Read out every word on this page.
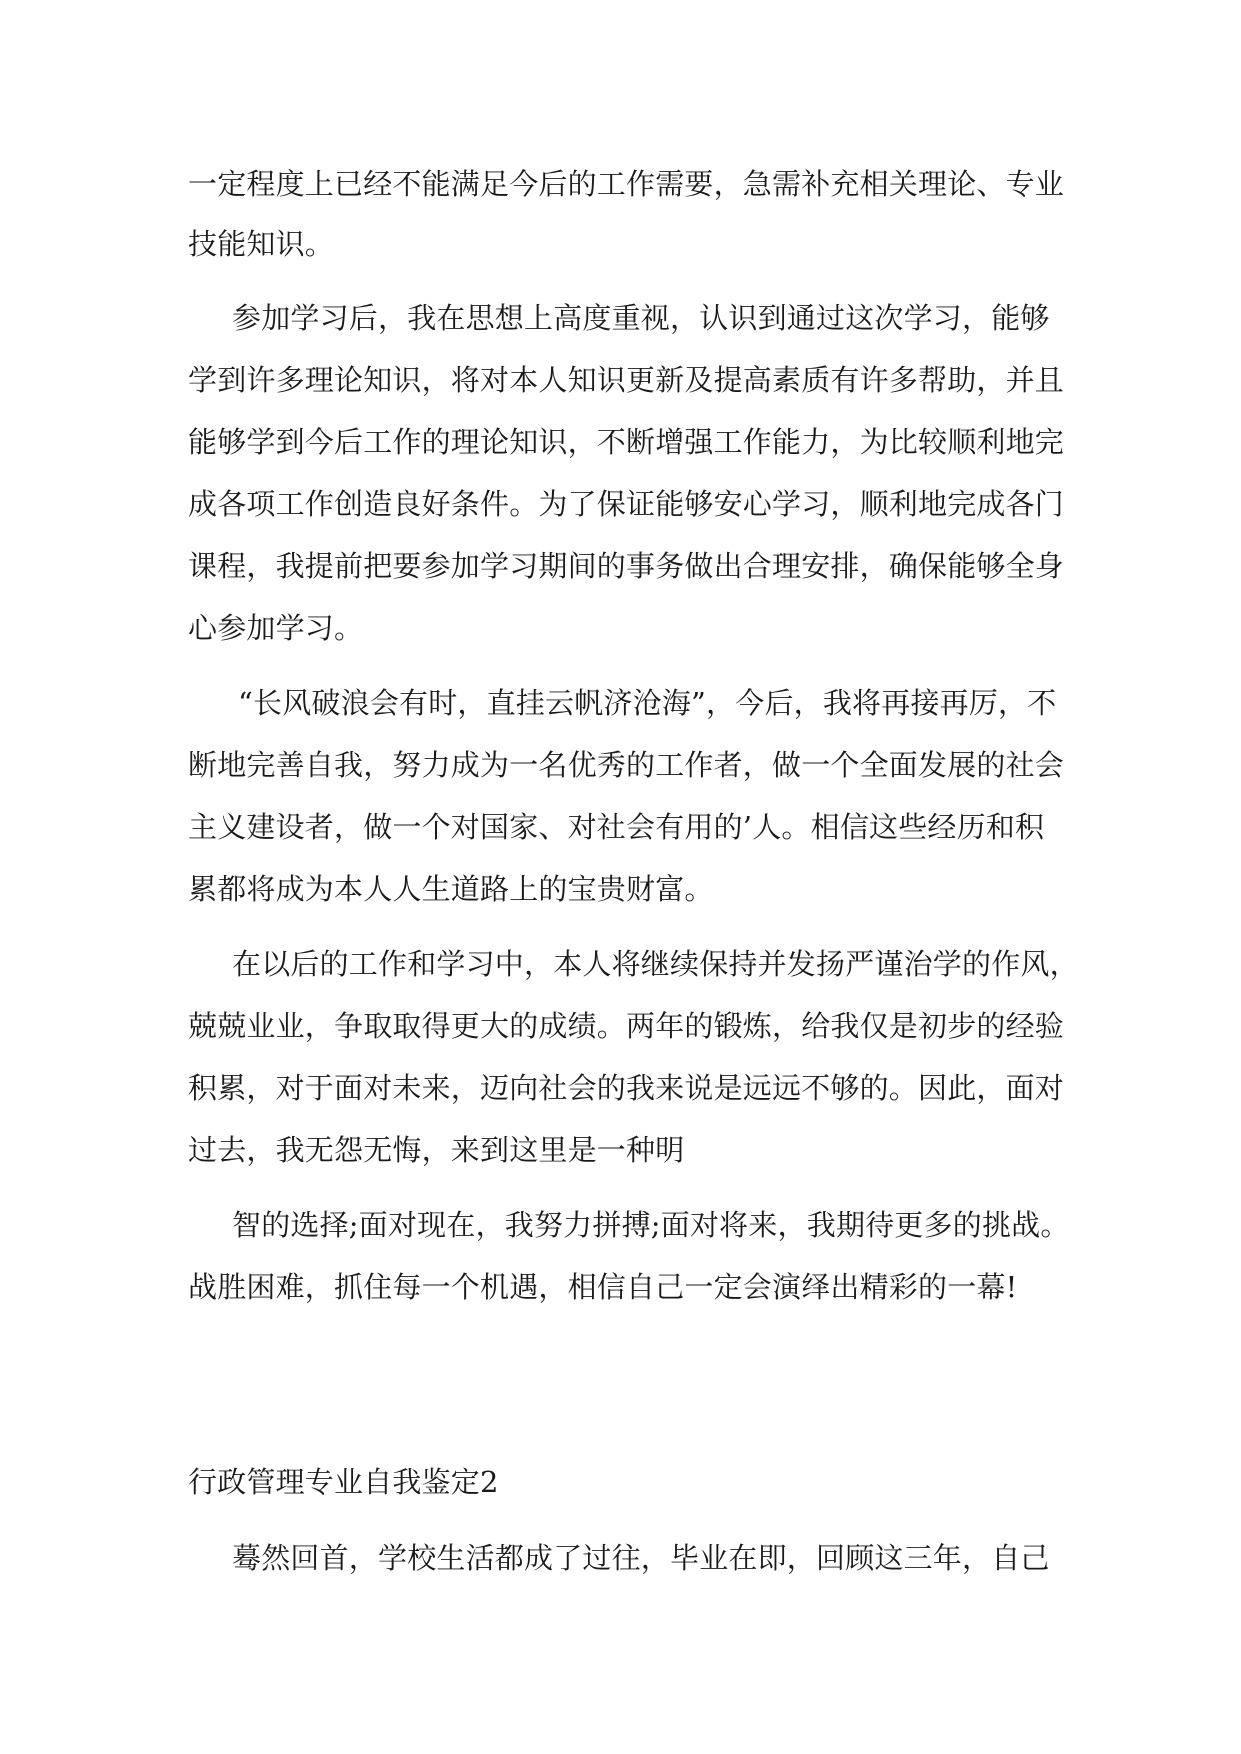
一定程度上已经不能满足今后的工作需要，急需补充相关理论、专业
技能知识。
参加学习后，我在思想上高度重视，认识到通过这次学习，能够
学到许多理论知识，将对本人知识更新及提高素质有许多帮助，并且
能够学到今后工作的理论知识，不断增强工作能力，为比较顺利地完
成各项工作创造良好条件。为了保证能够安心学习，顺利地完成各门
课程，我提前把要参加学习期间的事务做出合理安排，确保能够全身
心参加学习。
“长风破浪会有时，直挂云帆济沧海”，今后，我将再接再厉，不
断地完善自我，努力成为一名优秀的工作者，做一个全面发展的社会
主义建设者，做一个对国家、对社会有用的’人。相信这些经历和积
累都将成为本人人生道路上的宝贵财富。
在以后的工作和学习中，本人将继续保持并发扬严谨治学的作风，
兢兢业业，争取取得更大的成绩。两年的锻炼，给我仅是初步的经验
积累，对于面对未来，迈向社会的我来说是远远不够的。因此，面对
过去，我无怨无悔，来到这里是一种明
智的选择;面对现在，我努力拼搏;面对将来，我期待更多的挑战。
战胜困难，抓住每一个机遇，相信自己一定会演绎出精彩的一幕!
行政管理专业自我鉴定2
蓦然回首，学校生活都成了过往，毕业在即，回顾这三年，自己
